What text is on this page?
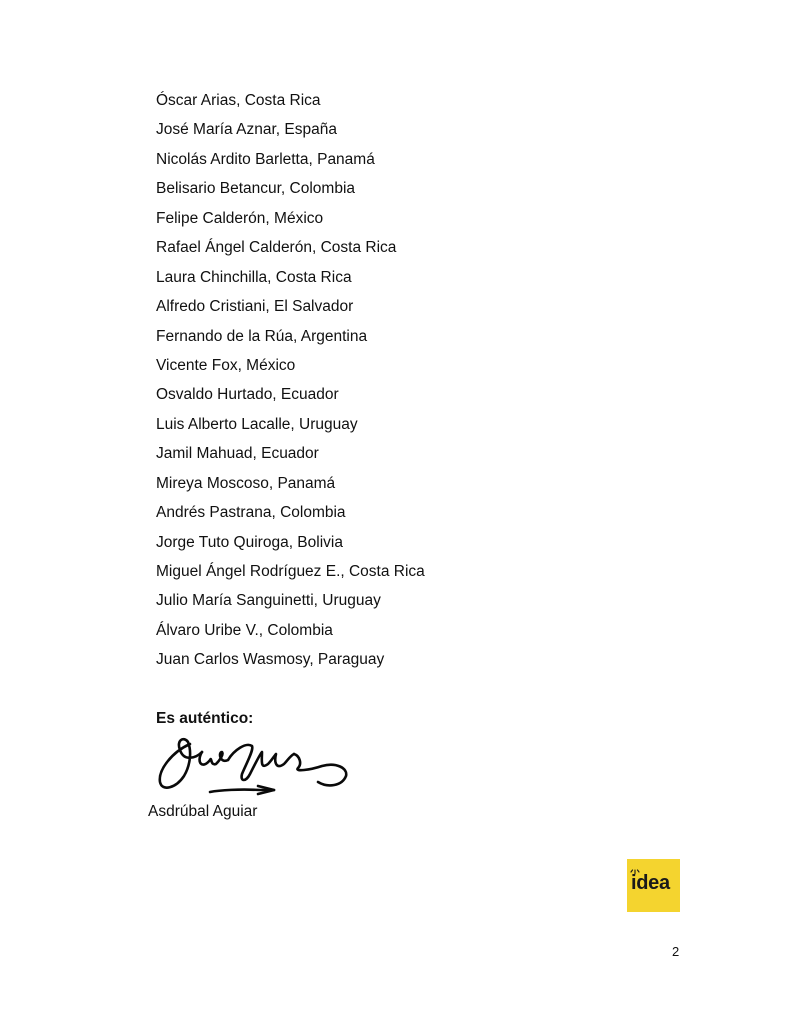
Óscar Arias, Costa Rica
José María Aznar, España
Nicolás Ardito Barletta, Panamá
Belisario Betancur, Colombia
Felipe Calderón, México
Rafael Ángel Calderón, Costa Rica
Laura Chinchilla, Costa Rica
Alfredo Cristiani, El Salvador
Fernando de la Rúa, Argentina
Vicente Fox, México
Osvaldo Hurtado, Ecuador
Luis Alberto Lacalle, Uruguay
Jamil Mahuad, Ecuador
Mireya Moscoso, Panamá
Andrés Pastrana, Colombia
Jorge Tuto Quiroga, Bolivia
Miguel Ángel Rodríguez E., Costa Rica
Julio María Sanguinetti, Uruguay
Álvaro Uribe V., Colombia
Juan Carlos Wasmosy, Paraguay
Es auténtico:
Asdrúbal Aguiar
idea
2
